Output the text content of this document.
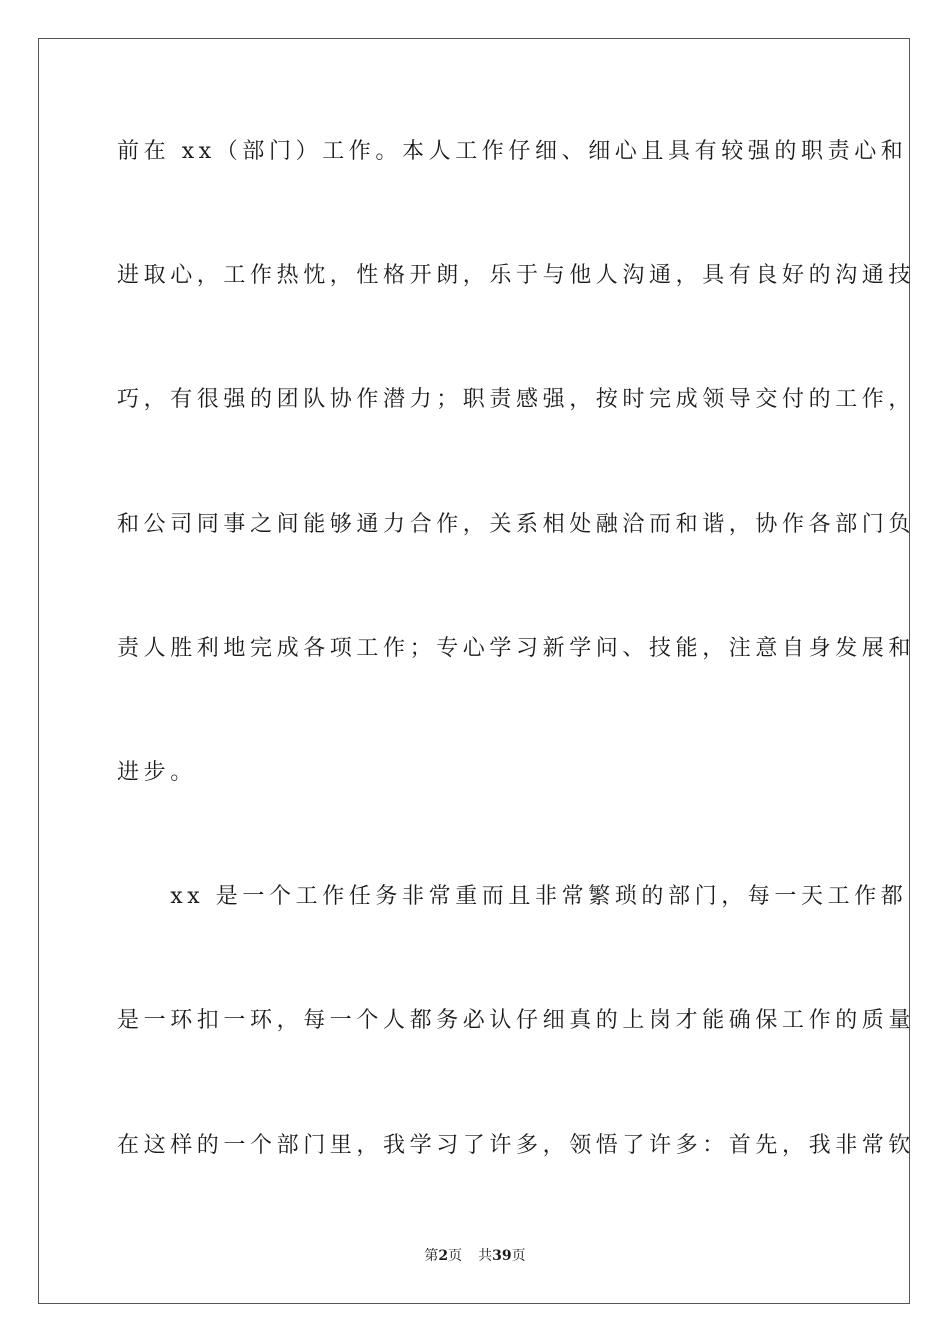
前在 xx（部门）工作。本人工作仔细、细心且具有较强的职责心和
进取心，工作热忱，性格开朗，乐于与他人沟通，具有良好的沟通技
巧，有很强的团队协作潜力；职责感强，按时完成领导交付的工作，
和公司同事之间能够通力合作，关系相处融洽而和谐，协作各部门负
责人胜利地完成各项工作；专心学习新学问、技能，注意自身发展和
进步。
　　xx 是一个工作任务非常重而且非常繁琐的部门，每一天工作都
是一环扣一环，每一个人都务必认仔细真的上岗才能确保工作的质量
在这样的一个部门里，我学习了许多，领悟了许多：首先，我非常钦
第2页 共39页
